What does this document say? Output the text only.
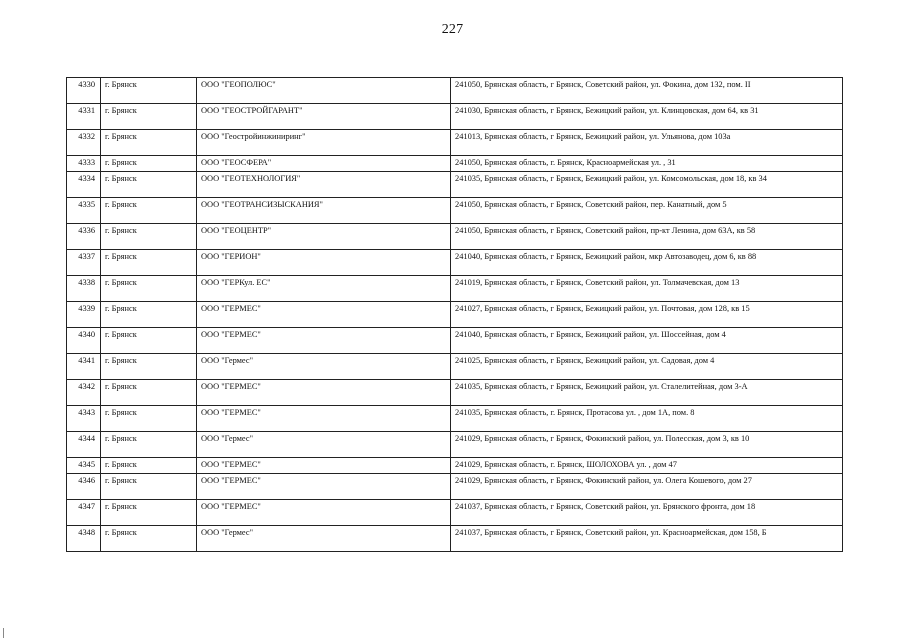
227
4330	г. Брянск	ООО "ГЕОПОЛЮС"	241050, Брянская область, г Брянск, Советский район, ул. Фокина, дом 132, пом. II
4331	г. Брянск	ООО "ГЕОСТРОЙГАРАНТ"	241030, Брянская область, г Брянск, Бежицкий район, ул. Клинцовская, дом 64, кв 31
4332	г. Брянск	ООО "Геостройинжиниринг"	241013, Брянская область, г Брянск, Бежицкий район, ул. Ульянова, дом 103а
4333	г. Брянск	ООО "ГЕОСФЕРА"	241050, Брянская область, г. Брянск, Красноармейская ул. , 31
4334	г. Брянск	ООО "ГЕОТЕХНОЛОГИЯ"	241035, Брянская область, г Брянск, Бежицкий район, ул. Комсомольская, дом 18, кв 34
4335	г. Брянск	ООО "ГЕОТРАНСИЗЫСКАНИЯ"	241050, Брянская область, г Брянск, Советский район, пер. Канатный, дом 5
4336	г. Брянск	ООО "ГЕОЦЕНТР"	241050, Брянская область, г Брянск, Советский район, пр-кт Ленина, дом 63А, кв 58
4337	г. Брянск	ООО "ГЕРИОН"	241040, Брянская область, г Брянск, Бежицкий район, мкр Автозаводец, дом 6, кв 88
4338	г. Брянск	ООО "ГЕРКул. ЕС"	241019, Брянская область, г Брянск, Советский район, ул. Толмачевская, дом 13
4339	г. Брянск	ООО "ГЕРМЕС"	241027, Брянская область, г Брянск, Бежицкий район, ул. Почтовая, дом 128, кв 15
4340	г. Брянск	ООО "ГЕРМЕС"	241040, Брянская область, г Брянск, Бежицкий район, ул. Шоссейная, дом 4
4341	г. Брянск	ООО "Гермес"	241025, Брянская область, г Брянск, Бежицкий район, ул. Садовая, дом 4
4342	г. Брянск	ООО "ГЕРМЕС"	241035, Брянская область, г Брянск, Бежицкий район, ул. Сталелитейная, дом 3-А
4343	г. Брянск	ООО "ГЕРМЕС"	241035, Брянская область, г. Брянск, Протасова ул. , дом 1А, пом. 8
4344	г. Брянск	ООО "Гермес"	241029, Брянская область, г Брянск, Фокинский район, ул. Полесская, дом 3, кв 10
4345	г. Брянск	ООО "ГЕРМЕС"	241029, Брянская область, г. Брянск, ШОЛОХОВА ул. , дом 47
4346	г. Брянск	ООО "ГЕРМЕС"	241029, Брянская область, г Брянск, Фокинский район, ул. Олега Кошевого, дом 27
4347	г. Брянск	ООО "ГЕРМЕС"	241037, Брянская область, г Брянск, Советский район, ул. Брянского фронта, дом 18
4348	г. Брянск	ООО "Гермес"	241037, Брянская область, г Брянск, Советский район, ул. Красноармейская, дом 158, Б
